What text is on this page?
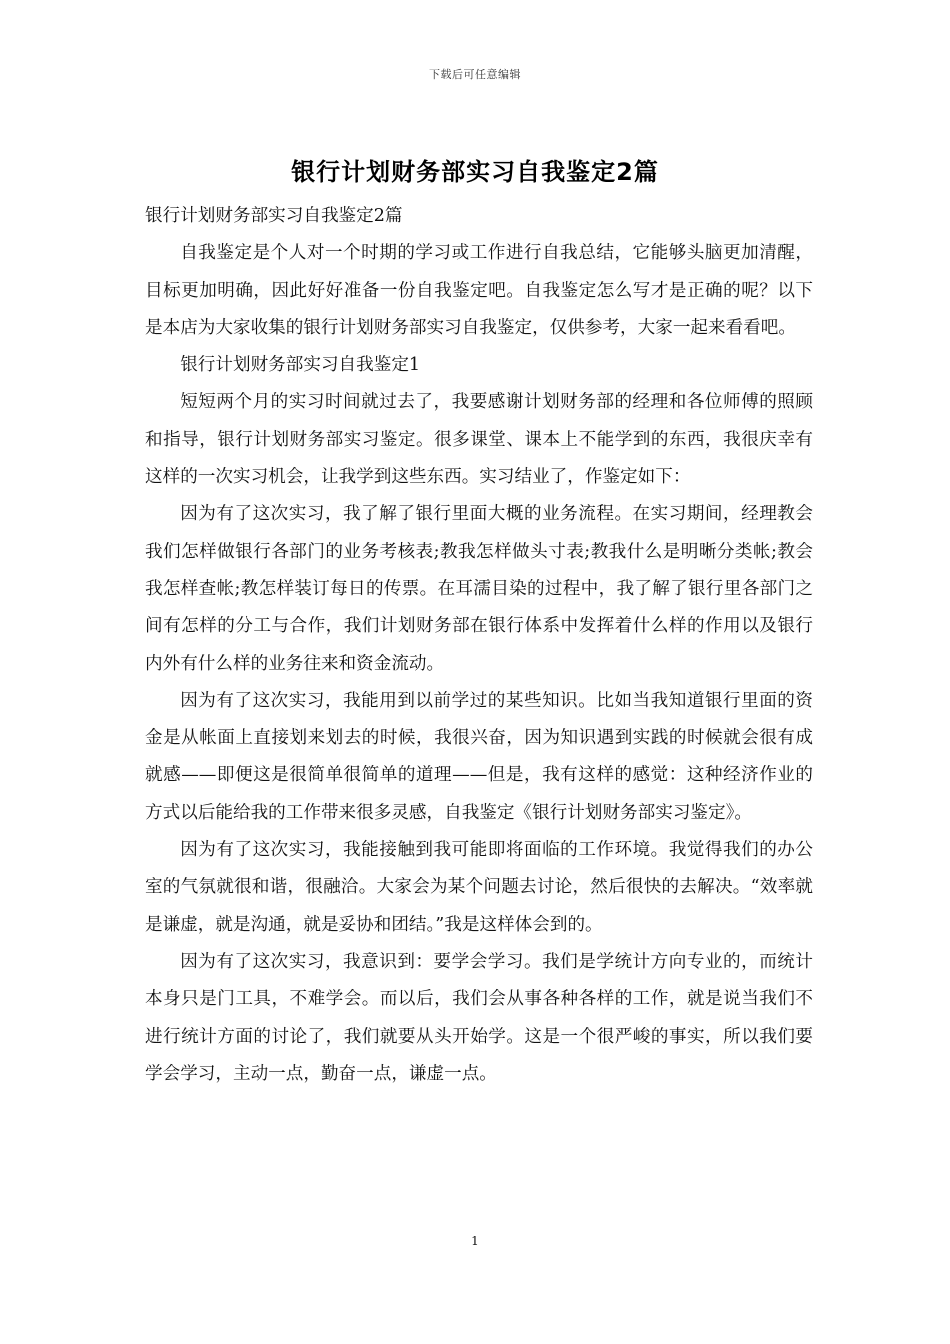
下载后可任意编辑
银行计划财务部实习自我鉴定2篇

银行计划财务部实习自我鉴定2篇

自我鉴定是个人对一个时期的学习或工作进行自我总结，它能够头脑更加清醒，目标更加明确，因此好好准备一份自我鉴定吧。自我鉴定怎么写才是正确的呢？以下是本店为大家收集的银行计划财务部实习自我鉴定，仅供参考，大家一起来看看吧。

银行计划财务部实习自我鉴定1

短短两个月的实习时间就过去了，我要感谢计划财务部的经理和各位师傅的照顾和指导，银行计划财务部实习鉴定。很多课堂、课本上不能学到的东西，我很庆幸有这样的一次实习机会，让我学到这些东西。实习结业了，作鉴定如下：

因为有了这次实习，我了解了银行里面大概的业务流程。在实习期间，经理教会我们怎样做银行各部门的业务考核表;教我怎样做头寸表;教我什么是明晰分类帐;教会我怎样查帐;教怎样装订每日的传票。在耳濡目染的过程中，我了解了银行里各部门之间有怎样的分工与合作，我们计划财务部在银行体系中发挥着什么样的作用以及银行内外有什么样的业务往来和资金流动。

因为有了这次实习，我能用到以前学过的某些知识。比如当我知道银行里面的资金是从帐面上直接划来划去的时候，我很兴奋，因为知识遇到实践的时候就会很有成就感——即便这是很简单很简单的道理——但是，我有这样的感觉：这种经济作业的方式以后能给我的工作带来很多灵感，自我鉴定《银行计划财务部实习鉴定》。

因为有了这次实习，我能接触到我可能即将面临的工作环境。我觉得我们的办公室的气氛就很和谐，很融洽。大家会为某个问题去讨论，然后很快的去解决。“效率就是谦虚，就是沟通，就是妥协和团结。”我是这样体会到的。

因为有了这次实习，我意识到：要学会学习。我们是学统计方向专业的，而统计本身只是门工具，不难学会。而以后，我们会从事各种各样的工作，就是说当我们不进行统计方面的讨论了，我们就要从头开始学。这是一个很严峻的事实，所以我们要学会学习，主动一点，勤奋一点，谦虚一点。

1
